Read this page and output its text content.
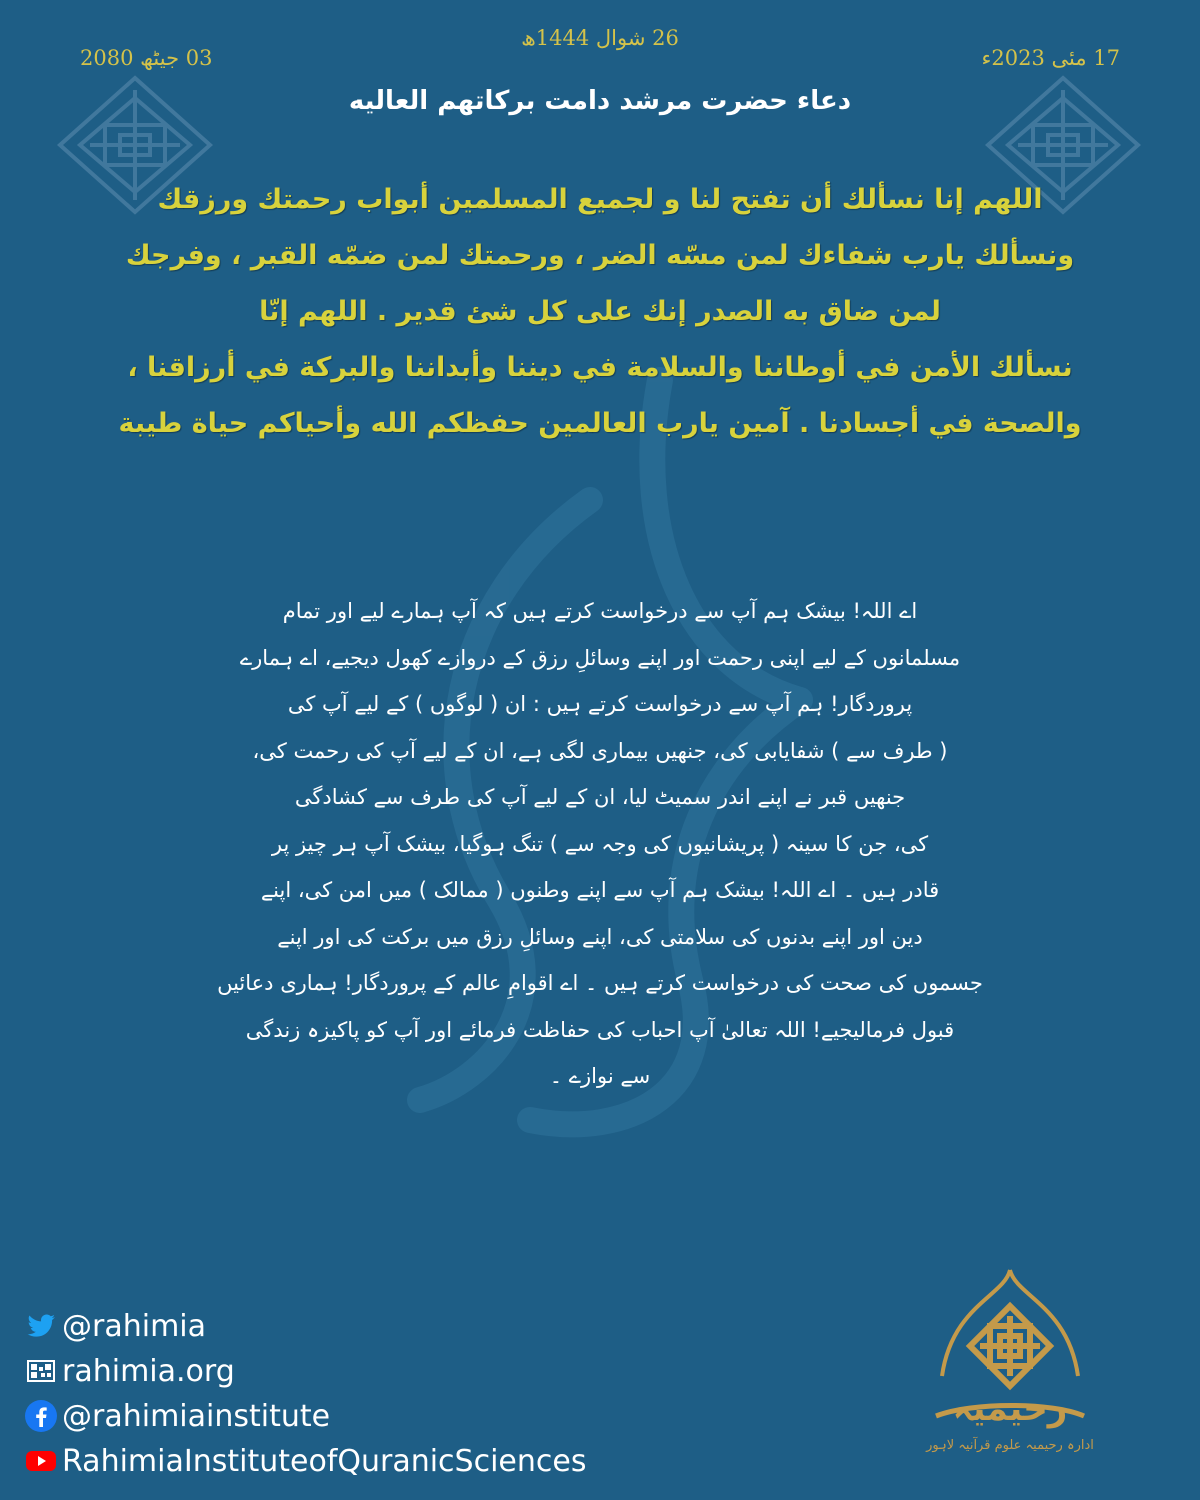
17 مئی 2023ء
26 شوال 1444ھ
03 جیٹھ 2080
دعاء حضرت مرشد دامت برکاتهم العالیه
اللهم إنا نسألك أن تفتح لنا و لجميع المسلمين أبواب رحمتك ورزقك
ونسألك يارب شفاءك لمن مسّه الضر ، ورحمتك لمن ضمّه القبر ، وفرجك
لمن ضاق به الصدر إنك على كل شئ قدير . اللهم إنّا
نسألك الأمن في أوطاننا والسلامة في ديننا وأبداننا والبركة في أرزاقنا ،
والصحة في أجسادنا . آمين يارب العالمين حفظكم الله وأحياكم حياة طيبة
اے اللہ! بیشک ہم آپ سے درخواست کرتے ہیں کہ آپ ہمارے لیے اور تمام
مسلمانوں کے لیے اپنی رحمت اور اپنے وسائلِ رزق کے دروازے کھول دیجیے، اے ہمارے
پروردگار! ہم آپ سے درخواست کرتے ہیں : ان ( لوگوں ) کے لیے آپ کی
( طرف سے ) شفایابی کی، جنھیں بیماری لگی ہے، ان کے لیے آپ کی رحمت کی،
جنھیں قبر نے اپنے اندر سمیٹ لیا، ان کے لیے آپ کی طرف سے کشادگی
کی، جن کا سینہ ( پریشانیوں کی وجہ سے ) تنگ ہوگیا، بیشک آپ ہر چیز پر
قادر ہیں ۔ اے اللہ! بیشک ہم آپ سے اپنے وطنوں ( ممالک ) میں امن کی، اپنے
دین اور اپنے بدنوں کی سلامتی کی، اپنے وسائلِ رزق میں برکت کی اور اپنے
جسموں کی صحت کی درخواست کرتے ہیں ۔ اے اقوامِ عالم کے پروردگار! ہماری دعائیں
قبول فرمالیجیے! اللہ تعالیٰ آپ احباب کی حفاظت فرمائے اور آپ کو پاکیزہ زندگی
سے نوازے ۔
@rahimia
rahimia.org
@rahimiainstitute
RahimiaInstituteofQuranicSciences
رحیمیہ
ادارہ رحیمیہ علوم قرآنیہ لاہور
